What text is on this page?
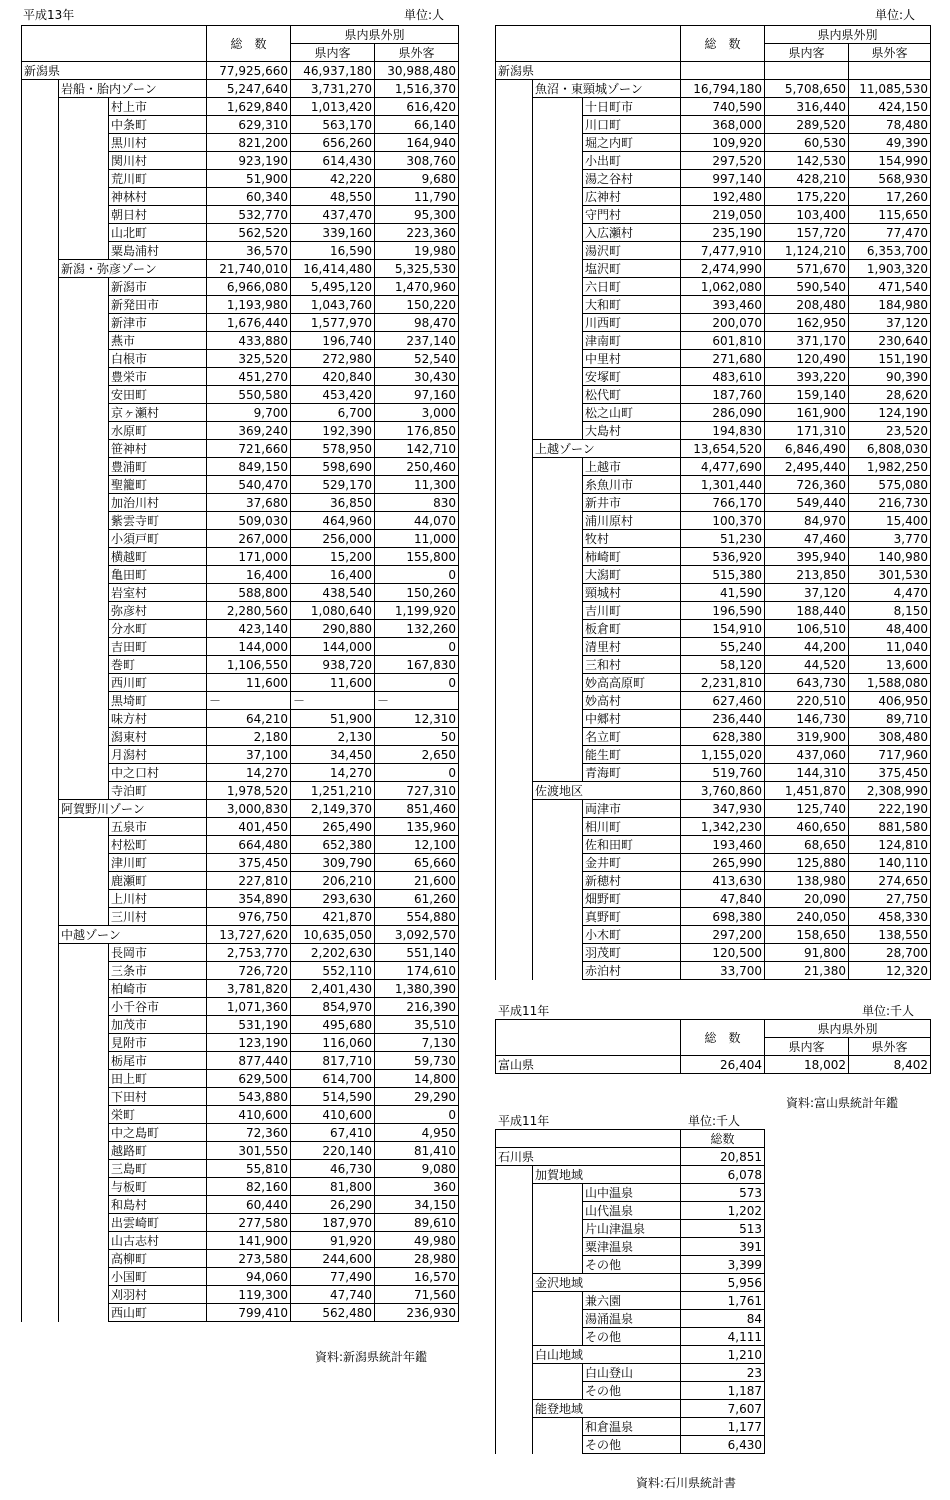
平成13年	単位:人
			総　数	県内県外別	
				県内客	県外客
新潟県			77,925,660	46,937,180	30,988,480
	岩船・胎内ゾーン		5,247,640	3,731,270	1,516,370
		村上市	1,629,840	1,013,420	616,420
		中条町	629,310	563,170	66,140
		黒川村	821,200	656,260	164,940
		関川村	923,190	614,430	308,760
		荒川町	51,900	42,220	9,680
		神林村	60,340	48,550	11,790
		朝日村	532,770	437,470	95,300
		山北町	562,520	339,160	223,360
		粟島浦村	36,570	16,590	19,980
	新潟・弥彦ゾーン		21,740,010	16,414,480	5,325,530
		新潟市	6,966,080	5,495,120	1,470,960
		新発田市	1,193,980	1,043,760	150,220
		新津市	1,676,440	1,577,970	98,470
		燕市	433,880	196,740	237,140
		白根市	325,520	272,980	52,540
		豊栄市	451,270	420,840	30,430
		安田町	550,580	453,420	97,160
		京ヶ瀬村	9,700	6,700	3,000
		水原町	369,240	192,390	176,850
		笹神村	721,660	578,950	142,710
		豊浦町	849,150	598,690	250,460
		聖籠町	540,470	529,170	11,300
		加治川村	37,680	36,850	830
		紫雲寺町	509,030	464,960	44,070
		小須戸町	267,000	256,000	11,000
		横越町	171,000	15,200	155,800
		亀田町	16,400	16,400	0
		岩室村	588,800	438,540	150,260
		弥彦村	2,280,560	1,080,640	1,199,920
		分水町	423,140	290,880	132,260
		吉田町	144,000	144,000	0
		巻町	1,106,550	938,720	167,830
		西川町	11,600	11,600	0
		黒埼町	－	－	－
		味方村	64,210	51,900	12,310
		潟東村	2,180	2,130	50
		月潟村	37,100	34,450	2,650
		中之口村	14,270	14,270	0
		寺泊町	1,978,520	1,251,210	727,310
	阿賀野川ゾーン		3,000,830	2,149,370	851,460
		五泉市	401,450	265,490	135,960
		村松町	664,480	652,380	12,100
		津川町	375,450	309,790	65,660
		鹿瀬町	227,810	206,210	21,600
		上川村	354,890	293,630	61,260
		三川村	976,750	421,870	554,880
	中越ゾーン		13,727,620	10,635,050	3,092,570
		長岡市	2,753,770	2,202,630	551,140
		三条市	726,720	552,110	174,610
		柏崎市	3,781,820	2,401,430	1,380,390
		小千谷市	1,071,360	854,970	216,390
		加茂市	531,190	495,680	35,510
		見附市	123,190	116,060	7,130
		栃尾市	877,440	817,710	59,730
		田上町	629,500	614,700	14,800
		下田村	543,880	514,590	29,290
		栄町	410,600	410,600	0
		中之島町	72,360	67,410	4,950
		越路町	301,550	220,140	81,410
		三島町	55,810	46,730	9,080
		与板町	82,160	81,800	360
		和島村	60,440	26,290	34,150
		出雲崎町	277,580	187,970	89,610
		山古志村	141,900	91,920	49,980
		高柳町	273,580	244,600	28,980
		小国町	94,060	77,490	16,570
		刈羽村	119,300	47,740	71,560
		西山町	799,410	562,480	236,930
資料:新潟県統計年鑑
単位:人
			総　数	県内県外別	
				県内客	県外客
新潟県					
	魚沼・東頸城ゾーン		16,794,180	5,708,650	11,085,530
		十日町市	740,590	316,440	424,150
		川口町	368,000	289,520	78,480
		堀之内町	109,920	60,530	49,390
		小出町	297,520	142,530	154,990
		湯之谷村	997,140	428,210	568,930
		広神村	192,480	175,220	17,260
		守門村	219,050	103,400	115,650
		入広瀬村	235,190	157,720	77,470
		湯沢町	7,477,910	1,124,210	6,353,700
		塩沢町	2,474,990	571,670	1,903,320
		六日町	1,062,080	590,540	471,540
		大和町	393,460	208,480	184,980
		川西町	200,070	162,950	37,120
		津南町	601,810	371,170	230,640
		中里村	271,680	120,490	151,190
		安塚町	483,610	393,220	90,390
		松代町	187,760	159,140	28,620
		松之山町	286,090	161,900	124,190
		大島村	194,830	171,310	23,520
	上越ゾーン		13,654,520	6,846,490	6,808,030
		上越市	4,477,690	2,495,440	1,982,250
		糸魚川市	1,301,440	726,360	575,080
		新井市	766,170	549,440	216,730
		浦川原村	100,370	84,970	15,400
		牧村	51,230	47,460	3,770
		柿崎町	536,920	395,940	140,980
		大潟町	515,380	213,850	301,530
		頸城村	41,590	37,120	4,470
		吉川町	196,590	188,440	8,150
		板倉町	154,910	106,510	48,400
		清里村	55,240	44,200	11,040
		三和村	58,120	44,520	13,600
		妙高高原町	2,231,810	643,730	1,588,080
		妙高村	627,460	220,510	406,950
		中郷村	236,440	146,730	89,710
		名立町	628,380	319,900	308,480
		能生町	1,155,020	437,060	717,960
		青海町	519,760	144,310	375,450
	佐渡地区		3,760,860	1,451,870	2,308,990
		両津市	347,930	125,740	222,190
		相川町	1,342,230	460,650	881,580
		佐和田町	193,460	68,650	124,810
		金井町	265,990	125,880	140,110
		新穂村	413,630	138,980	274,650
		畑野町	47,840	20,090	27,750
		真野町	698,380	240,050	458,330
		小木町	297,200	158,650	138,550
		羽茂町	120,500	91,800	28,700
		赤泊村	33,700	21,380	12,320
平成11年	単位:千人
	総　数	県内県外別	
		県内客	県外客
富山県	26,404	18,002	8,402
資料:富山県統計年鑑
平成11年	単位:千人
			総数
石川県			20,851
	加賀地域		6,078
		山中温泉	573
		山代温泉	1,202
		片山津温泉	513
		粟津温泉	391
		その他	3,399
	金沢地域		5,956
		兼六園	1,761
		湯涌温泉	84
		その他	4,111
	白山地域		1,210
		白山登山	23
		その他	1,187
	能登地域		7,607
		和倉温泉	1,177
		その他	6,430
資料:石川県統計書
